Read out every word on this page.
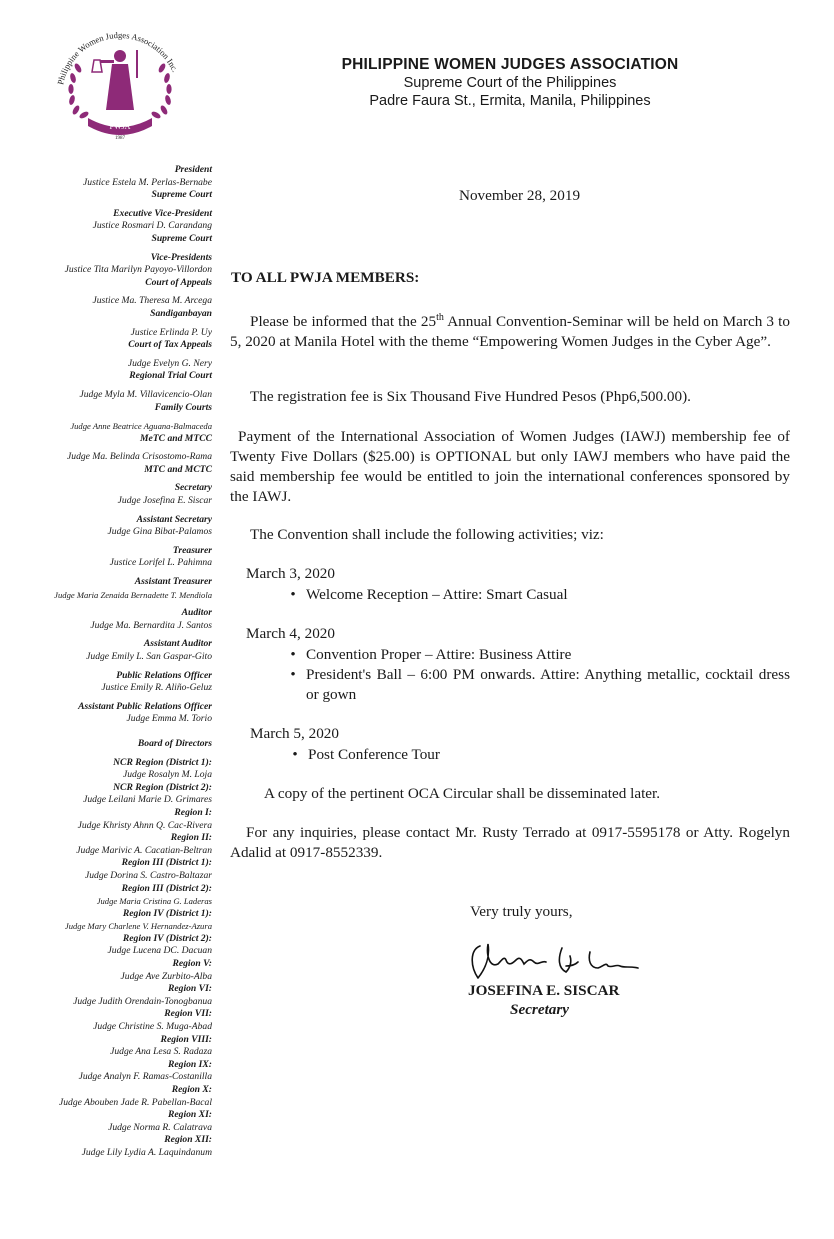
Philippine Women Judges Association Inc.
PWJA
1987
PHILIPPINE WOMEN JUDGES ASSOCIATION
Supreme Court of the Philippines
Padre Faura St., Ermita, Manila, Philippines
President
Justice Estela M. Perlas-Bernabe
Supreme Court
Executive Vice-President
Justice Rosmari D. Carandang
Supreme Court
Vice-Presidents
Justice Tita Marilyn Payoyo-Villordon
Court of Appeals
Justice Ma. Theresa M. Arcega
Sandiganbayan
Justice Erlinda P. Uy
Court of Tax Appeals
Judge Evelyn G. Nery
Regional Trial Court
Judge Myla M. Villavicencio-Olan
Family Courts
Judge Anne Beatrice Aguana-Balmaceda
MeTC and MTCC
Judge Ma. Belinda Crisostomo-Rama
MTC and MCTC
Secretary
Judge Josefina E. Siscar
Assistant Secretary
Judge Gina Bibat-Palamos
Treasurer
Justice Lorifel L. Pahimna
Assistant Treasurer
Judge Maria Zenaida Bernadette T. Mendiola
Auditor
Judge Ma. Bernardita J. Santos
Assistant Auditor
Judge Emily L. San Gaspar-Gito
Public Relations Officer
Justice Emily R. Aliño-Geluz
Assistant Public Relations Officer
Judge Emma M. Torio
Board of Directors
NCR Region (District 1):
Judge Rosalyn M. Loja
NCR Region (District 2):
Judge Leilani Marie D. Grimares
Region I:
Judge Khristy Ahnn Q. Cac-Rivera
Region II:
Judge Marivic A. Cacatian-Beltran
Region III (District 1):
Judge Dorina S. Castro-Baltazar
Region III (District 2):
Judge Maria Cristina G. Laderas
Region IV (District 1):
Judge Mary Charlene V. Hernandez-Azura
Region IV (District 2):
Judge Lucena DC. Dacuan
Region V:
Judge Ave Zurbito-Alba
Region VI:
Judge Judith Orendain-Tonogbanua
Region VII:
Judge Christine S. Muga-Abad
Region VIII:
Judge Ana Lesa S. Radaza
Region IX:
Judge Analyn F. Ramas-Costanilla
Region X:
Judge Abouben Jade R. Pabellan-Bacal
Region XI:
Judge Norma R. Calatrava
Region XII:
Judge Lily Lydia A. Laquindanum
November 28, 2019
TO ALL PWJA MEMBERS:
Please be informed that the 25th Annual Convention-Seminar will be held on March 3 to 5, 2020 at Manila Hotel with the theme “Empowering Women Judges in the Cyber Age”.
The registration fee is Six Thousand Five Hundred Pesos (Php6,500.00).
Payment of the International Association of Women Judges (IAWJ) membership fee of Twenty Five Dollars ($25.00) is OPTIONAL but only IAWJ members who have paid the said membership fee would be entitled to join the international conferences sponsored by the IAWJ.
The Convention shall include the following activities; viz:
March 3, 2020
• Welcome Reception – Attire: Smart Casual
March 4, 2020
• Convention Proper – Attire: Business Attire
• President's Ball – 6:00 PM onwards. Attire: Anything metallic, cocktail dress or gown
March 5, 2020
• Post Conference Tour
A copy of the pertinent OCA Circular shall be disseminated later.
For any inquiries, please contact Mr. Rusty Terrado at 0917-5595178 or Atty. Rogelyn Adalid at 0917-8552339.
Very truly yours,
JOSEFINA E. SISCAR
Secretary
